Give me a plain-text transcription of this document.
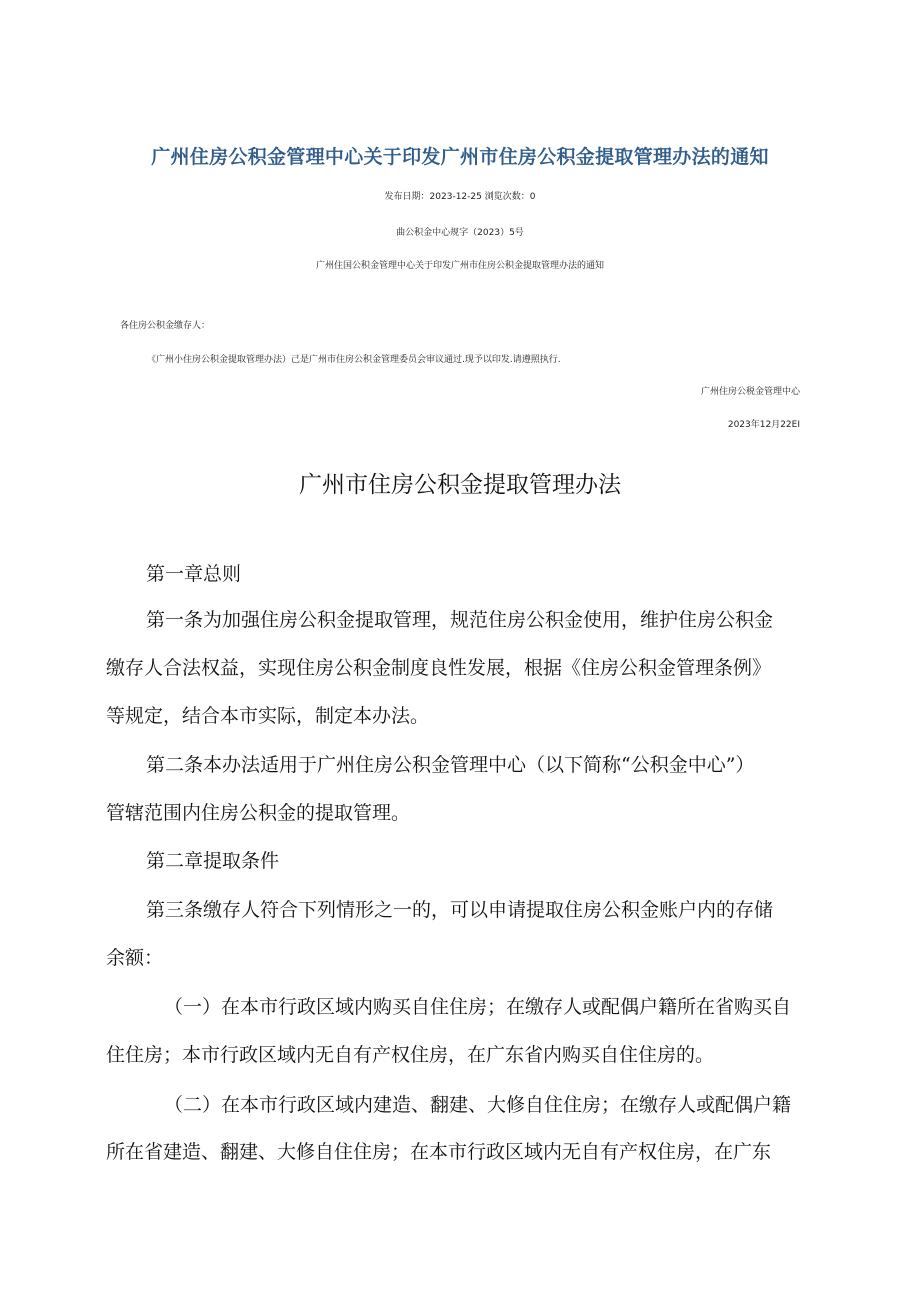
广州住房公积金管理中心关于印发广州市住房公积金提取管理办法的通知
发布日期：2023-12-25 浏览次数：0
曲公积金中心规字（2023）5号
广州住国公积金管理中心关于印发广州市住房公积金提取管理办法的通知
各住房公积金缴存人：
《广州小住房公积金提取管理办法）己是广州市住房公积金管理委员会审议通过.现予以印发.请遵照执行.
广州住房公税金管理中心
2023年12月22EI
广州市住房公积金提取管理办法
第一章总则
第一条为加强住房公积金提取管理，规范住房公积金使用，维护住房公积金
缴存人合法权益，实现住房公积金制度良性发展，根据《住房公积金管理条例》
等规定，结合本市实际，制定本办法。
第二条本办法适用于广州住房公积金管理中心（以下简称“公积金中心”）
管辖范围内住房公积金的提取管理。
第二章提取条件
第三条缴存人符合下列情形之一的，可以申请提取住房公积金账户内的存储
余额：
（一）在本市行政区域内购买自住住房；在缴存人或配偶户籍所在省购买自
住住房；本市行政区域内无自有产权住房，在广东省内购买自住住房的。
（二）在本市行政区域内建造、翻建、大修自住住房；在缴存人或配偶户籍
所在省建造、翻建、大修自住住房；在本市行政区域内无自有产权住房，在广东
